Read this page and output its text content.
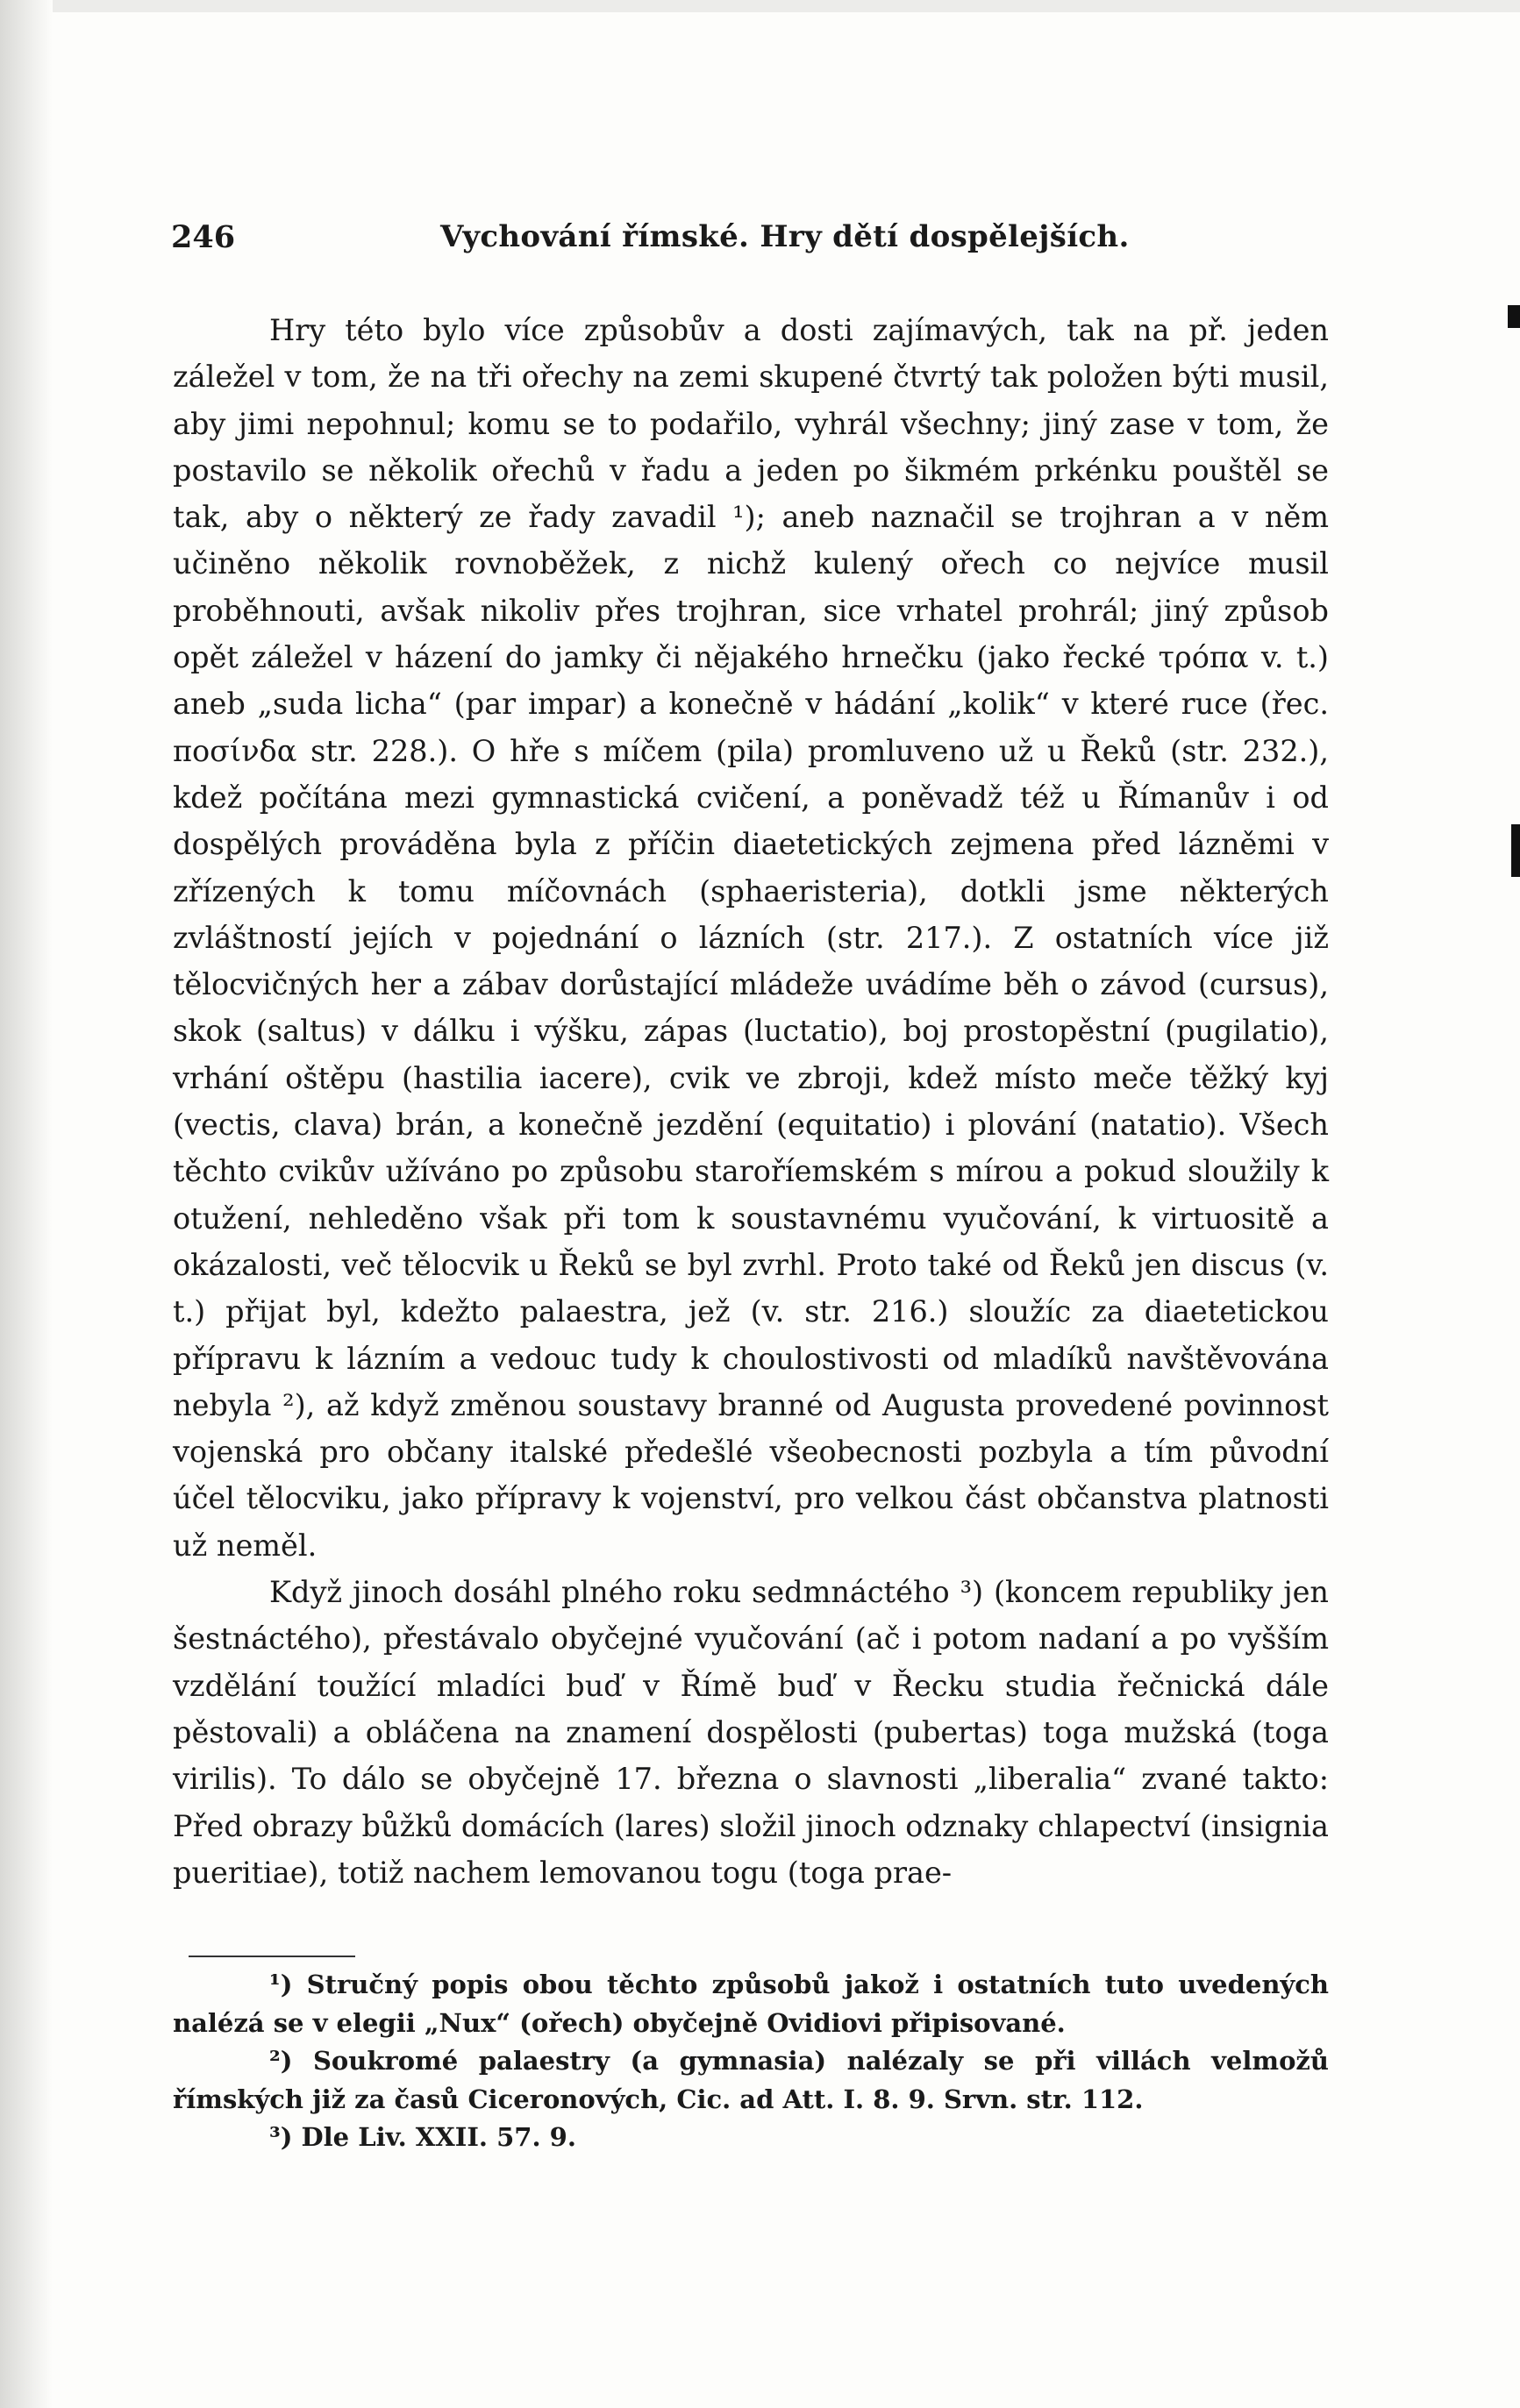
246	Vychování římské. Hry dětí dospělejších.

Hry této bylo více způsobův a dosti zajímavých, tak na př. jeden záležel v tom, že na tři ořechy na zemi skupené čtvrtý tak položen býti musil, aby jimi nepohnul; komu se to podařilo, vyhrál všechny; jiný zase v tom, že postavilo se několik ořechů v řadu a jeden po šikmém prkénku pouštěl se tak, aby o některý ze řady zavadil ¹); aneb naznačil se trojhran a v něm učiněno několik rovnoběžek, z nichž kulený ořech co nejvíce musil proběhnouti, avšak nikoliv přes trojhran, sice vrhatel prohrál; jiný způsob opět záležel v házení do jamky či nějakého hrnečku (jako řecké τρόπα v. t.) aneb „suda licha“ (par impar) a konečně v hádání „kolik“ v které ruce (řec. ποσίνδα str. 228.). O hře s míčem (pila) promluveno už u Řeků (str. 232.), kdež počítána mezi gymnastická cvičení, a poněvadž též u Římanův i od dospělých prováděna byla z příčin diaetetických zejmena před lázněmi v zřízených k tomu míčovnách (sphaeristeria), dotkli jsme některých zvláštností jejích v pojednání o lázních (str. 217.). Z ostatních více již tělocvičných her a zábav dorůstající mládeže uvádíme běh o závod (cursus), skok (saltus) v dálku i výšku, zápas (luctatio), boj prostopěstní (pugilatio), vrhání oštěpu (hastilia iacere), cvik ve zbroji, kdež místo meče těžký kyj (vectis, clava) brán, a konečně jezdění (equitatio) i plování (natatio). Všech těchto cvikův užíváno po způsobu staroříemském s mírou a pokud sloužily k otužení, nehleděno však při tom k soustavnému vyučování, k virtuositě a okázalosti, več tělocvik u Řeků se byl zvrhl. Proto také od Řeků jen discus (v. t.) přijat byl, kdežto palaestra, jež (v. str. 216.) sloužíc za diaetetickou přípravu k lázním a vedouc tudy k choulostivosti od mladíků navštěvována nebyla ²), až když změnou soustavy branné od Augusta provedené povinnost vojenská pro občany italské předešlé všeobecnosti pozbyla a tím původní účel tělocviku, jako přípravy k vojenství, pro velkou část občanstva platnosti už neměl.

Když jinoch dosáhl plného roku sedmnáctého ³) (koncem republiky jen šestnáctého), přestávalo obyčejné vyučování (ač i potom nadaní a po vyšším vzdělání toužící mladíci buď v Římě buď v Řecku studia řečnická dále pěstovali) a obláčena na znamení dospělosti (pubertas) toga mužská (toga virilis). To dálo se obyčejně 17. března o slavnosti „liberalia“ zvané takto: Před obrazy bůžků domácích (lares) složil jinoch odznaky chlapectví (insignia pueritiae), totiž nachem lemovanou togu (toga prae-

¹) Stručný popis obou těchto způsobů jakož i ostatních tuto uvedených nalézá se v elegii „Nux“ (ořech) obyčejně Ovidiovi připisované.

²) Soukromé palaestry (a gymnasia) nalézaly se při villách velmožů římských již za časů Ciceronových, Cic. ad Att. I. 8. 9. Srvn. str. 112.

³) Dle Liv. XXII. 57. 9.
